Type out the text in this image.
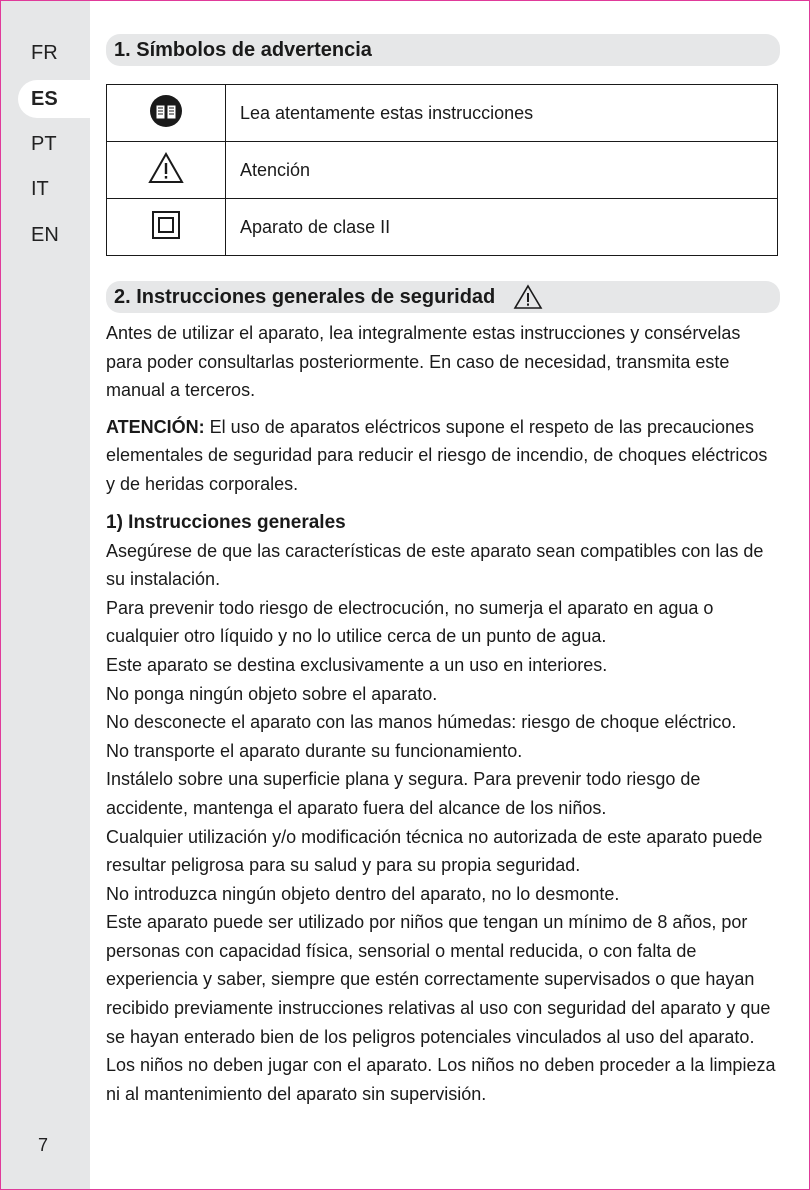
FR
ES
PT
IT
EN
7
1. Símbolos de advertencia
	Lea atentamente estas instrucciones
	Atención
	Aparato de clase II
2. Instrucciones generales de seguridad

Antes de utilizar el aparato, lea integralmente estas instrucciones y consérvelas para poder consultarlas posteriormente. En caso de necesidad, transmita este manual a terceros.

ATENCIÓN: El uso de aparatos eléctricos supone el respeto de las precauciones elementales de seguridad para reducir el riesgo de incendio, de choques eléctricos y de heridas corporales.

1) Instrucciones generales

Asegúrese de que las características de este aparato sean compatibles con las de su instalación.

Para prevenir todo riesgo de electrocución, no sumerja el aparato en agua o cualquier otro líquido y no lo utilice cerca de un punto de agua.

Este aparato se destina exclusivamente a un uso en interiores.

No ponga ningún objeto sobre el aparato.

No desconecte el aparato con las manos húmedas: riesgo de choque eléctrico.

No transporte el aparato durante su funcionamiento.

Instálelo sobre una superficie plana y segura. Para prevenir todo riesgo de accidente, mantenga el aparato fuera del alcance de los niños.

Cualquier utilización y/o modificación técnica no autorizada de este aparato puede resultar peligrosa para su salud y para su propia seguridad.

No introduzca ningún objeto dentro del aparato, no lo desmonte.

Este aparato puede ser utilizado por niños que tengan un mínimo de 8 años, por personas con capacidad física, sensorial o mental reducida, o con falta de experiencia y saber, siempre que estén correctamente supervisados o que hayan recibido previamente instrucciones relativas al uso con seguridad del aparato y que se hayan enterado bien de los peligros potenciales vinculados al uso del aparato. Los niños no deben jugar con el aparato. Los niños no deben proceder a la limpieza ni al mantenimiento del aparato sin supervisión.
